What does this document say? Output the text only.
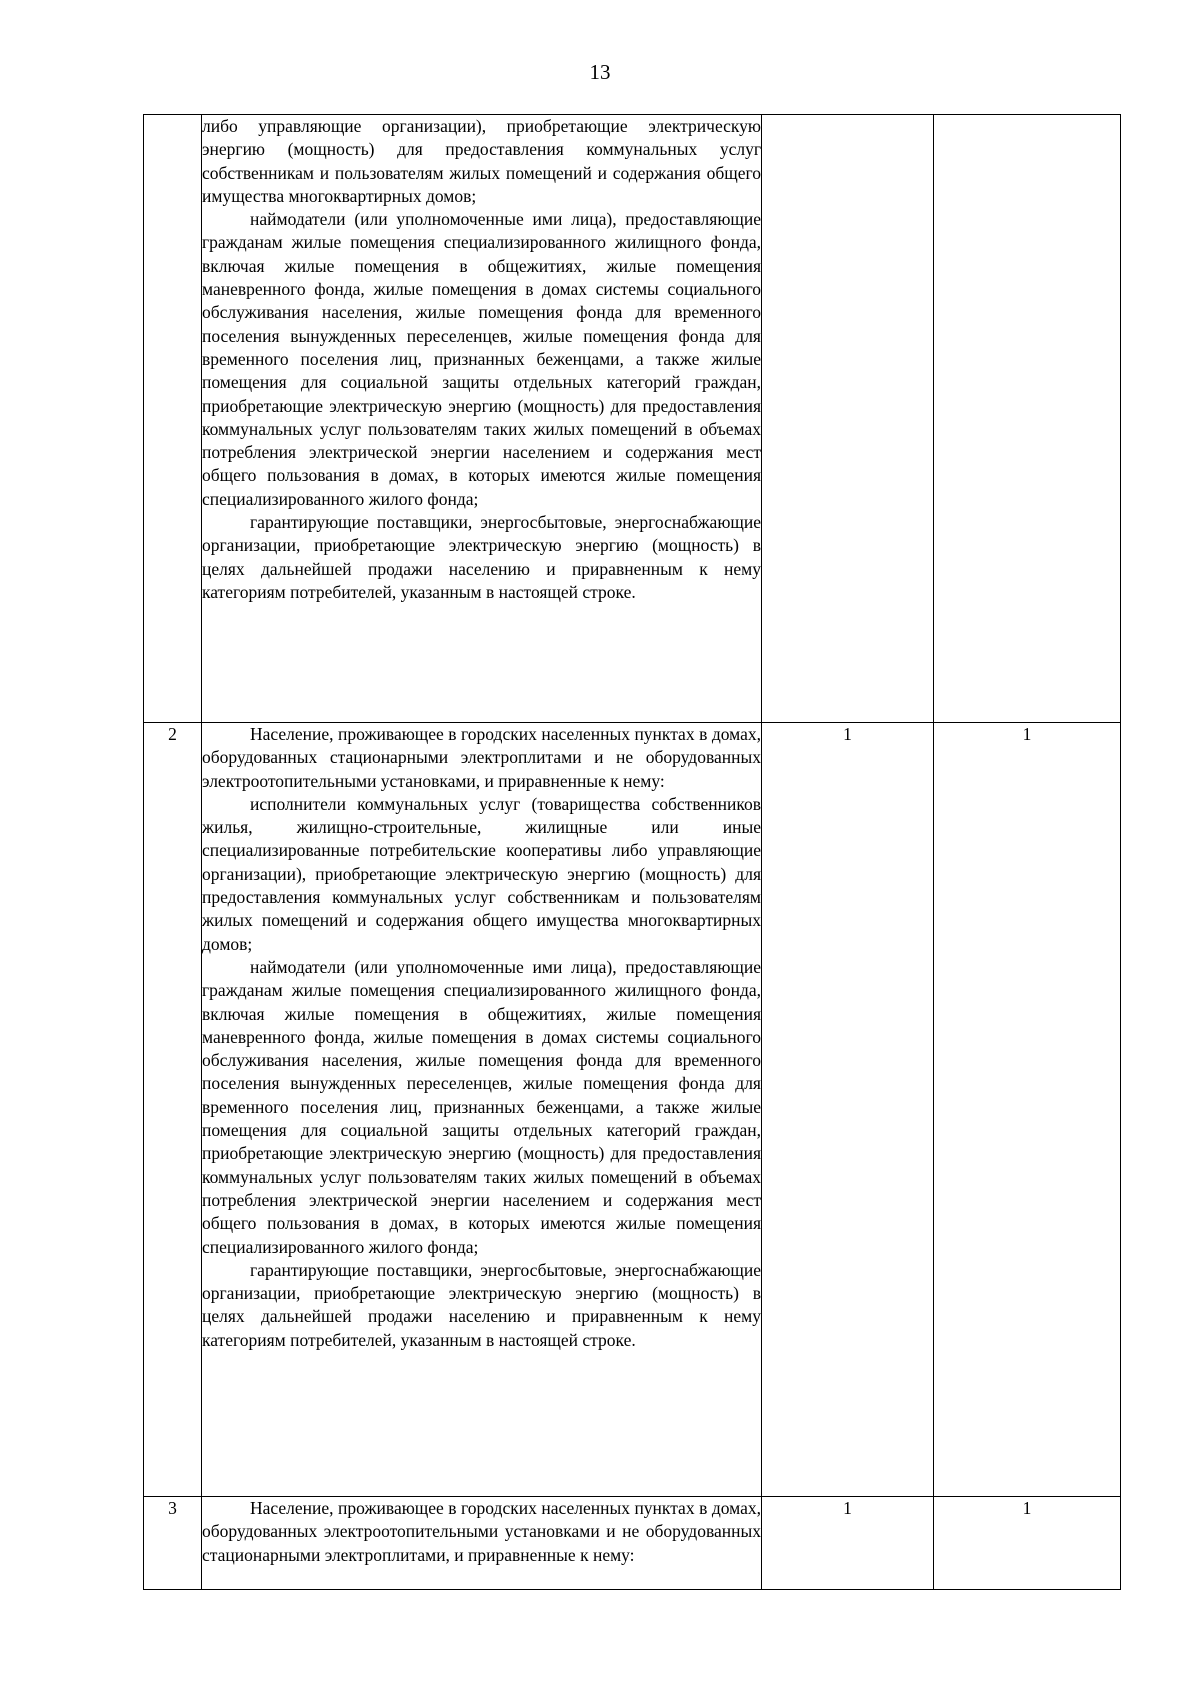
13

	либо управляющие организации), приобретающие электрическую энергию (мощность) для предоставления коммунальных услуг собственникам и пользователям жилых помещений и содержания общего имущества многоквартирных домов;

наймодатели (или уполномоченные ими лица), предоставляющие гражданам жилые помещения специализированного жилищного фонда, включая жилые помещения в общежитиях, жилые помещения маневренного фонда, жилые помещения в домах системы социального обслуживания населения, жилые помещения фонда для временного поселения вынужденных переселенцев, жилые помещения фонда для временного поселения лиц, признанных беженцами, а также жилые помещения для социальной защиты отдельных категорий граждан, приобретающие электрическую энергию (мощность) для предоставления коммунальных услуг пользователям таких жилых помещений в объемах потребления электрической энергии населением и содержания мест общего пользования в домах, в которых имеются жилые помещения специализированного жилого фонда;

гарантирующие поставщики, энергосбытовые, энергоснабжающие организации, приобретающие электрическую энергию (мощность) в целях дальнейшей продажи населению и приравненным к нему категориям потребителей, указанным в настоящей строке.		

2	Население, проживающее в городских населенных пунктах в домах, оборудованных стационарными электроплитами и не оборудованных электроотопительными установками, и приравненные к нему:

исполнители коммунальных услуг (товарищества собственников жилья, жилищно-строительные, жилищные или иные специализированные потребительские кооперативы либо управляющие организации), приобретающие электрическую энергию (мощность) для предоставления коммунальных услуг собственникам и пользователям жилых помещений и содержания общего имущества многоквартирных домов;

наймодатели (или уполномоченные ими лица), предоставляющие гражданам жилые помещения специализированного жилищного фонда, включая жилые помещения в общежитиях, жилые помещения маневренного фонда, жилые помещения в домах системы социального обслуживания населения, жилые помещения фонда для временного поселения вынужденных переселенцев, жилые помещения фонда для временного поселения лиц, признанных беженцами, а также жилые помещения для социальной защиты отдельных категорий граждан, приобретающие электрическую энергию (мощность) для предоставления коммунальных услуг пользователям таких жилых помещений в объемах потребления электрической энергии населением и содержания мест общего пользования в домах, в которых имеются жилые помещения специализированного жилого фонда;

гарантирующие поставщики, энергосбытовые, энергоснабжающие организации, приобретающие электрическую энергию (мощность) в целях дальнейшей продажи населению и приравненным к нему категориям потребителей, указанным в настоящей строке.	1	1
3	Население, проживающее в городских населенных пунктах в домах, оборудованных электроотопительными установками и не оборудованных стационарными электроплитами, и приравненные к нему:	1	1
